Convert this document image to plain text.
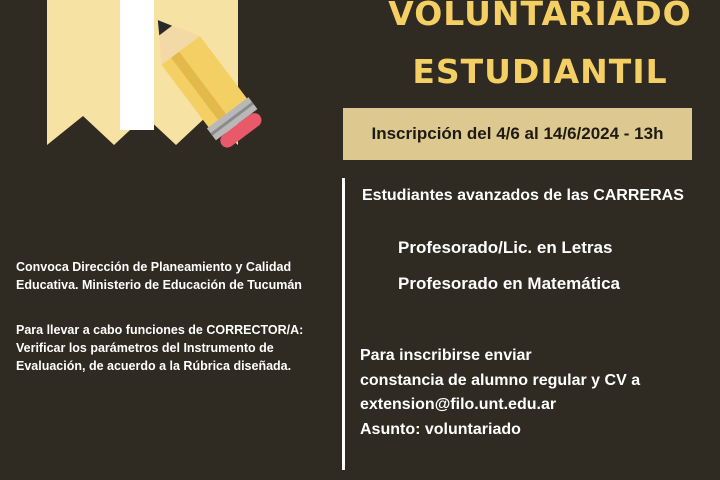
VOLUNTARIADO
ESTUDIANTIL
Inscripción del 4/6 al 14/6/2024 - 13h
Estudiantes avanzados de las CARRERAS
Profesorado/Lic. en Letras
Profesorado en Matemática
Convoca Dirección de Planeamiento y Calidad
Educativa. Ministerio de Educación de Tucumán
Para llevar a cabo funciones de CORRECTOR/A:
Verificar los parámetros del Instrumento de
Evaluación, de acuerdo a la Rúbrica diseñada.
Para inscribirse enviar
constancia de alumno regular y CV a
extension@filo.unt.edu.ar
Asunto: voluntariado
